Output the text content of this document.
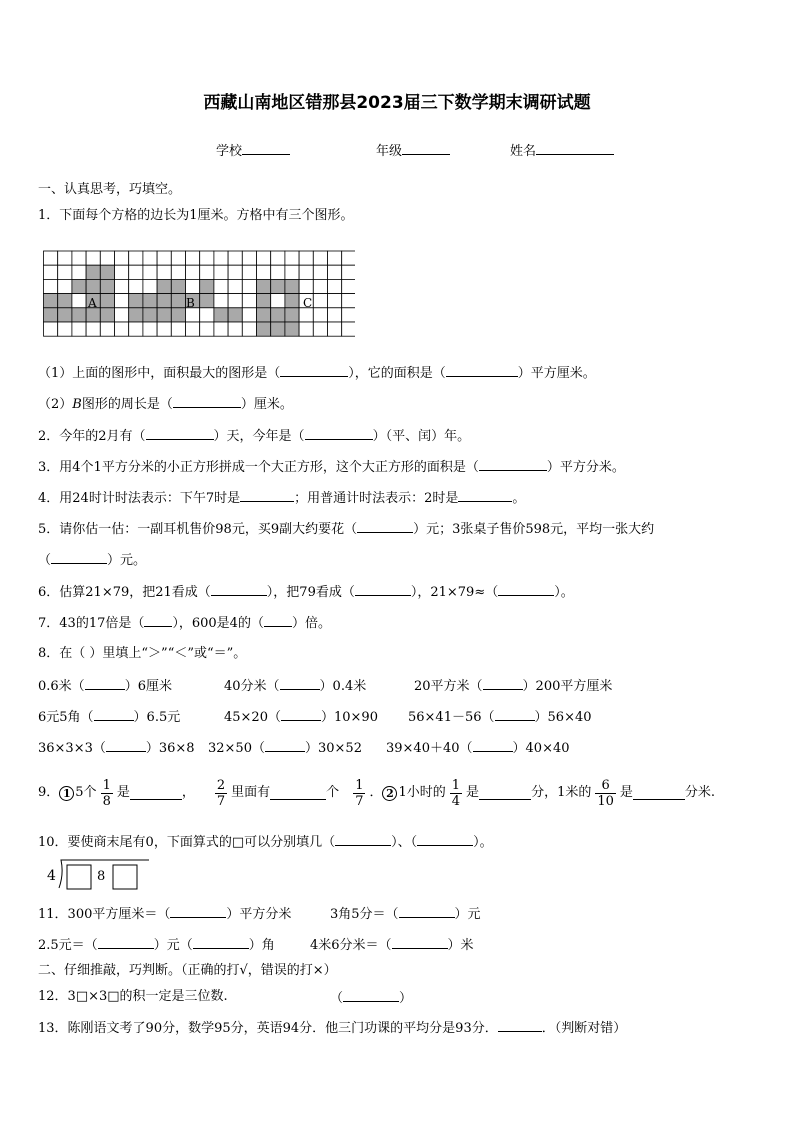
西藏山南地区错那县2023届三下数学期末调研试题
学校	年级	姓名
一、认真思考，巧填空。
1．下面每个方格的边长为1厘米。方格中有三个图形。
A	B	C
（1）上面的图形中，面积最大的图形是（	），它的面积是（	）平方厘米。
（2）B图形的周长是（	）厘米。
2．今年的2月有（	）天，今年是（	）（平、闰）年。
3．用4个1平方分米的小正方形拼成一个大正方形，这个大正方形的面积是（	）平方分米。
4．用24时计时法表示：下午7时是	；用普通计时法表示：2时是	。
5．请你估一估：一副耳机售价98元，买9副大约要花（	）元；3张桌子售价598元，平均一张大约
（	）元。
6．估算21×79，把21看成（	），把79看成（	），21×79≈（	）。
7．43的17倍是（ ），600是4的（ ）倍。
8．在（ ）里填上“＞”“＜”或“＝”。
0.6米（	）6厘米	40分米（	）0.4米	20平方米（	）200平方厘米
6元5角（	）6.5元	45×20（	）10×90 56×41－56（	）56×40
36×3×3（	）36×8 32×50（	）30×52 39×40＋40（	）40×40
9． 1 5个 $\frac{1}{8}$ 是	， $\frac{2}{7}$ 里面有	个 $\frac{1}{7}$ ． 2 1小时的 $\frac{1}{4}$ 是	分，1米的 $\frac{6}{10}$ 是	分米.
10．要使商末尾有0，下面算式的□可以分别填几（	）、（	）。
4	8
11．300平方厘米＝（	）平方分米	3角5分＝（	）元
2.5元＝（	）元（	）角	4米6分米＝（	）米
二、仔细推敲，巧判断。（正确的打√，错误的打×）
12．3□×3□的积一定是三位数.	（	）
13．陈刚语文考了90分，数学95分，英语94分．他三门功课的平均分是93分．	．（判断对错）
